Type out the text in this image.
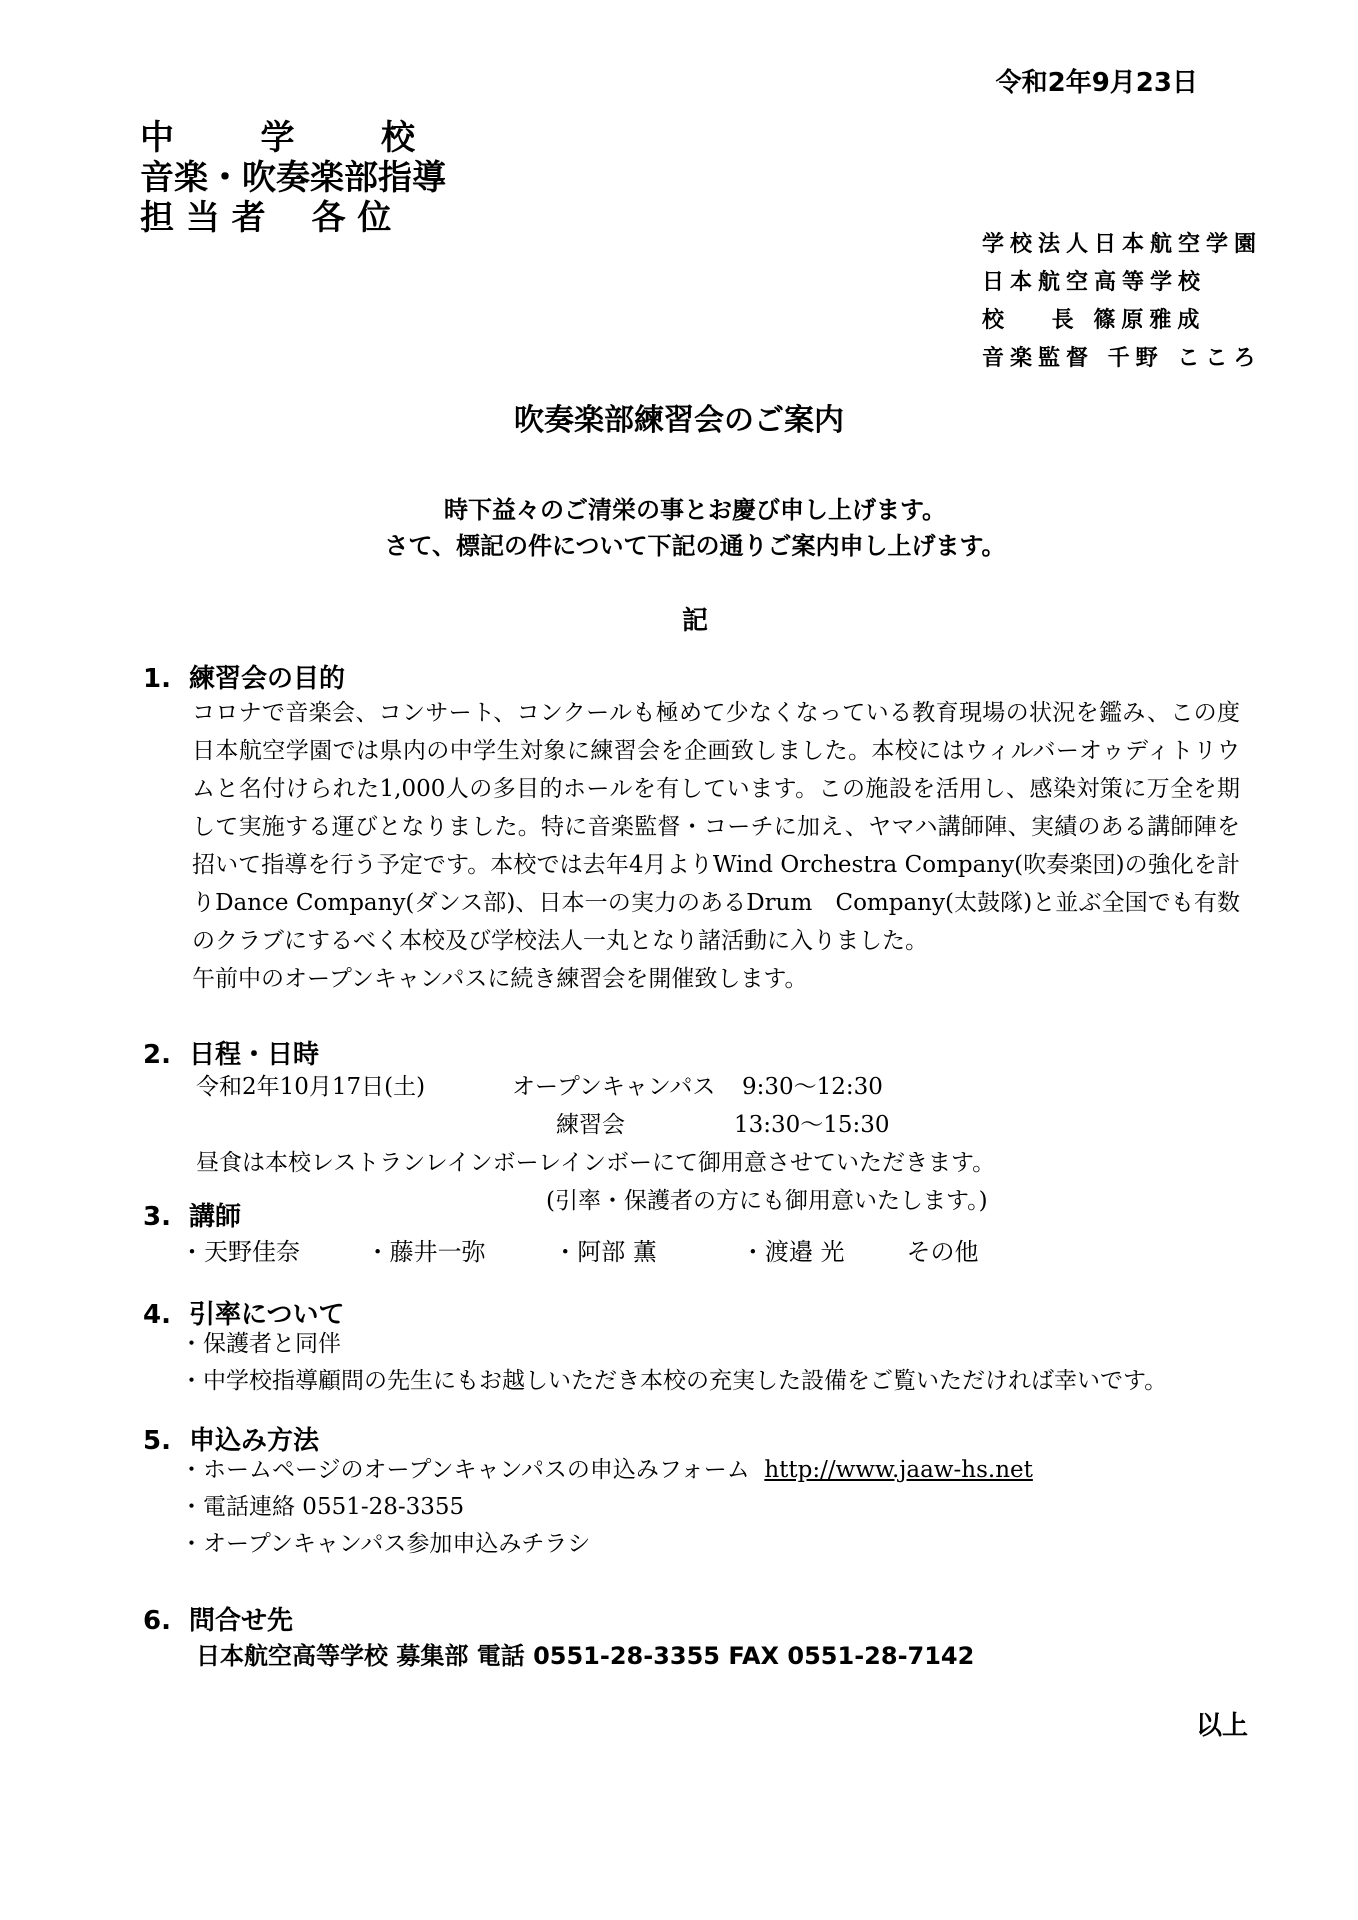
令和2年9月23日
中	学	校
音楽・吹奏楽部指導
担 当 者　 各 位
学校法人日本航空学園
日本航空高等学校
校　 長 篠原雅成
音楽監督 千野 こころ
吹奏楽部練習会のご案内
時下益々のご清栄の事とお慶び申し上げます。
さて、標記の件について下記の通りご案内申し上げます。
記
1. 練習会の目的
コロナで音楽会、コンサート、コンクールも極めて少なくなっている教育現場の状況を鑑み、この度日本航空学園では県内の中学生対象に練習会を企画致しました。本校にはウィルバーオゥディトリウムと名付けられた1,000人の多目的ホールを有しています。この施設を活用し、感染対策に万全を期して実施する運びとなりました。特に音楽監督・コーチに加え、ヤマハ講師陣、実績のある講師陣を招いて指導を行う予定です。本校では去年4月よりWind Orchestra Company(吹奏楽団)の強化を計りDance Company(ダンス部)、日本一の実力のあるDrum　Company(太鼓隊)と並ぶ全国でも有数のクラブにするべく本校及び学校法人一丸となり諸活動に入りました。
午前中のオープンキャンパスに続き練習会を開催致します。
2. 日程・日時
令和2年10月17日(土)	オープンキャンパス	9:30〜12:30
練習会	13:30〜15:30
昼食は本校レストランレインボーレインボーにて御用意させていただきます。
(引率・保護者の方にも御用意いたします。)
3. 講師
・天野佳奈	・藤井一弥	・阿部 薫	・渡邉 光	その他
4. 引率について
・保護者と同伴
・中学校指導顧問の先生にもお越しいただき本校の充実した設備をご覧いただければ幸いです。
5. 申込み方法
・ホームページのオープンキャンパスの申込みフォーム http://www.jaaw-hs.net
・電話連絡 0551-28-3355
・オープンキャンパス参加申込みチラシ
6. 問合せ先
日本航空高等学校 募集部 電話 0551-28-3355 FAX 0551-28-7142
以上
